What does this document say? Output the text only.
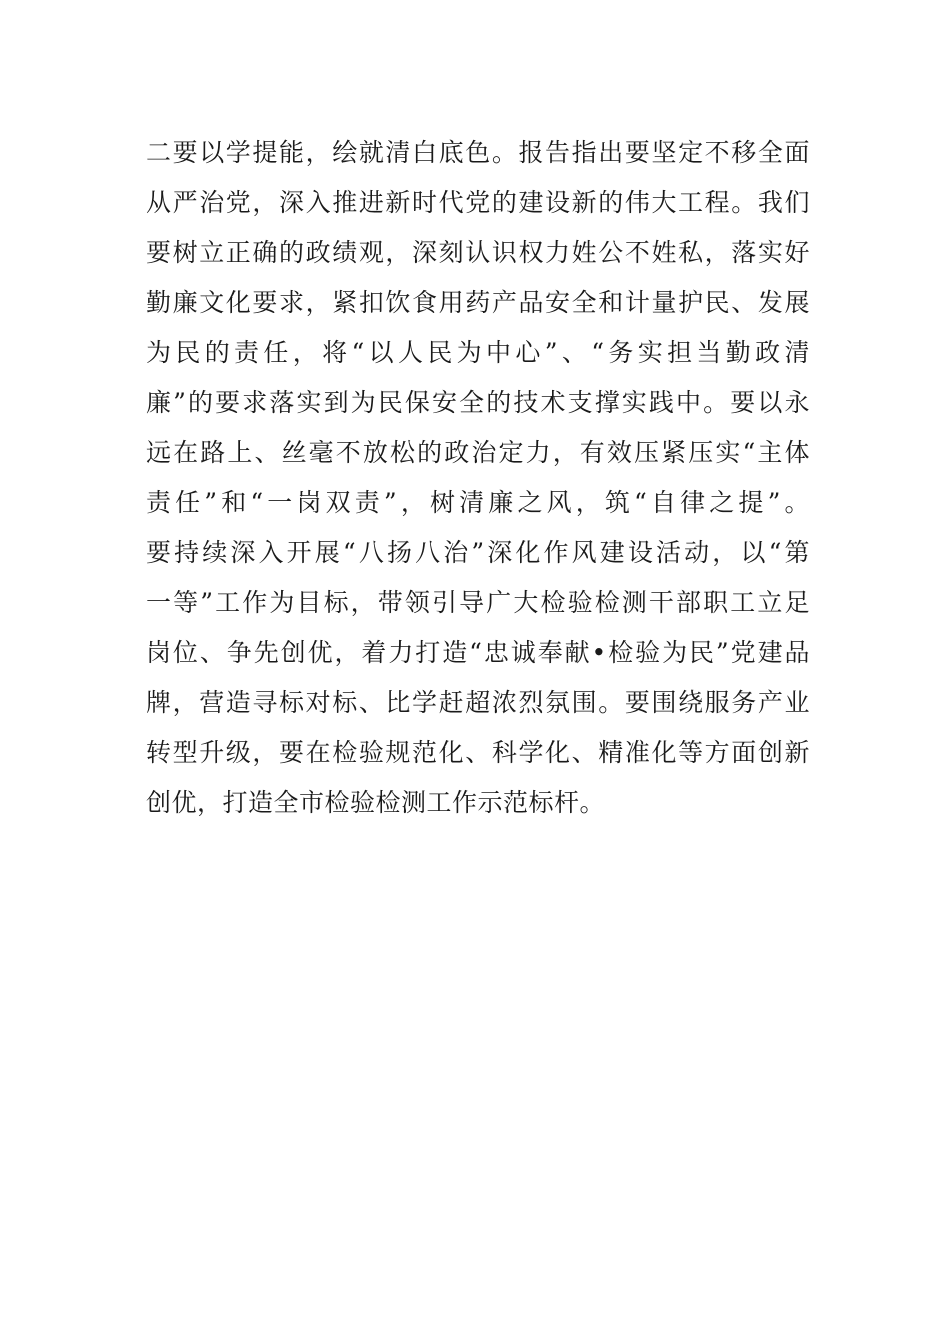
二要以学提能，绘就清白底色。报告指出要坚定不移全面
从严治党，深入推进新时代党的建设新的伟大工程。我们
要树立正确的政绩观，深刻认识权力姓公不姓私，落实好
勤廉文化要求，紧扣饮食用药产品安全和计量护民、发展
为民的责任，将“以人民为中心”、“务实担当勤政清
廉”的要求落实到为民保安全的技术支撑实践中。要以永
远在路上、丝毫不放松的政治定力，有效压紧压实“主体
责任”和“一岗双责”，树清廉之风，筑“自律之提”。
要持续深入开展“八扬八治”深化作风建设活动，以“第
一等”工作为目标，带领引导广大检验检测干部职工立足
岗位、争先创优，着力打造“忠诚奉献•检验为民”党建品
牌，营造寻标对标、比学赶超浓烈氛围。要围绕服务产业
转型升级，要在检验规范化、科学化、精准化等方面创新
创优，打造全市检验检测工作示范标杆。
